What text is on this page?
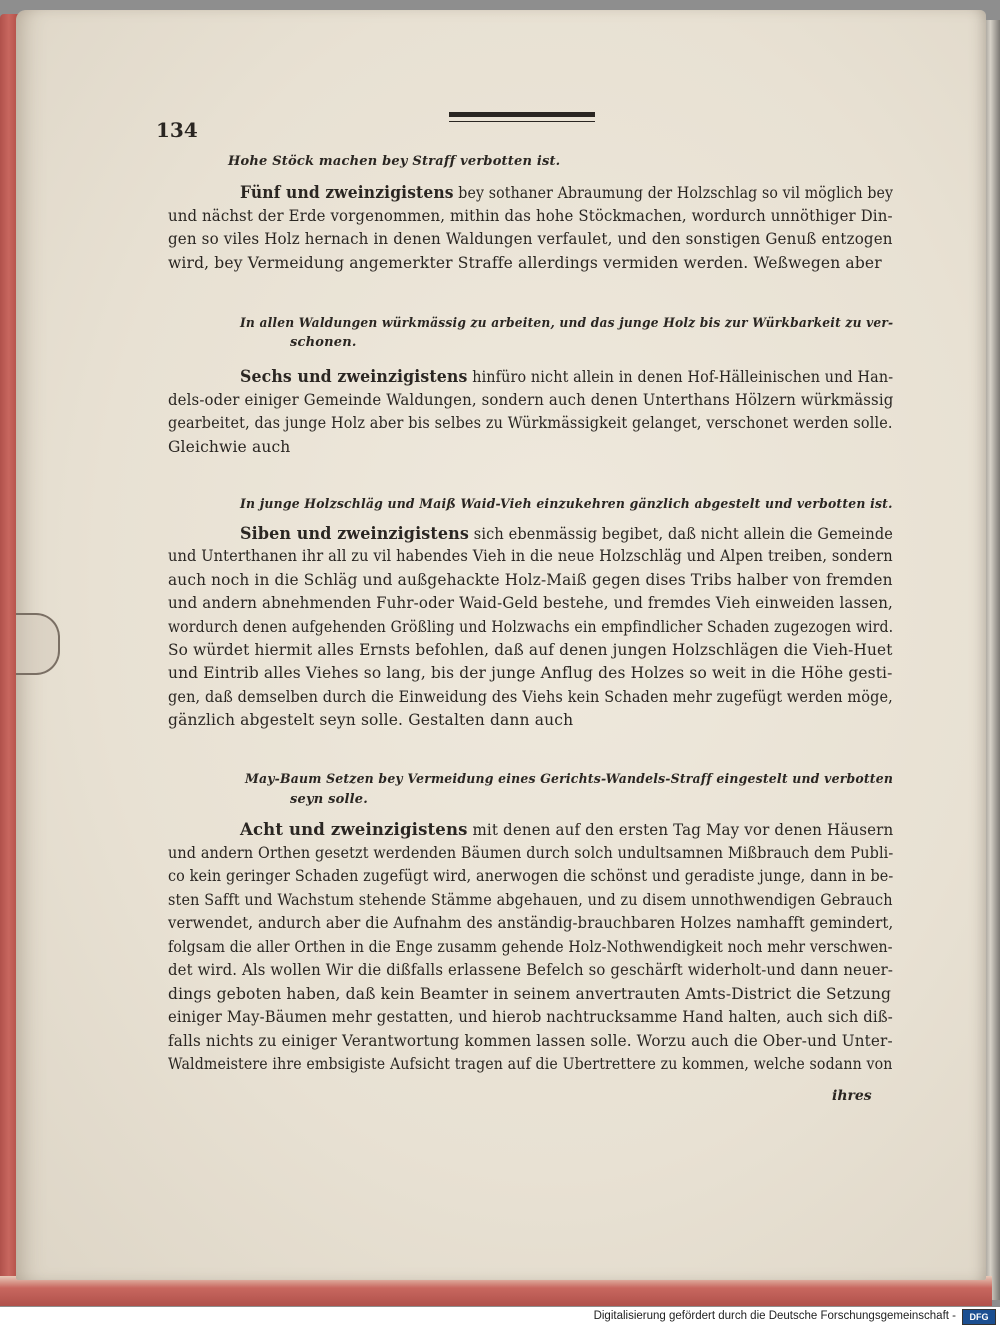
134
Hohe Stöck machen bey Straff verbotten ist.
Fünf und zweinzigistens bey sothaner Abraumung der Holzschlag so vil möglich bey
und nächst der Erde vorgenommen, mithin das hohe Stöckmachen, wordurch unnöthiger Din-
gen so viles Holz hernach in denen Waldungen verfaulet, und den sonstigen Genuß entzogen
wird, bey Vermeidung angemerkter Straffe allerdings vermiden werden. Weßwegen aber
In allen Waldungen würkmässig zu arbeiten, und das junge Holz bis zur Würkbarkeit zu ver-
schonen.
Sechs und zweinzigistens hinfüro nicht allein in denen Hof-Hälleinischen und Han-
dels-oder einiger Gemeinde Waldungen, sondern auch denen Unterthans Hölzern würkmässig
gearbeitet, das junge Holz aber bis selbes zu Würkmässigkeit gelanget, verschonet werden solle.
Gleichwie auch
In junge Holzschläg und Maiß Waid-Vieh einzukehren gänzlich abgestelt und verbotten ist.
Siben und zweinzigistens sich ebenmässig begibet, daß nicht allein die Gemeinde
und Unterthanen ihr all zu vil habendes Vieh in die neue Holzschläg und Alpen treiben, sondern
auch noch in die Schläg und außgehackte Holz-Maiß gegen dises Tribs halber von fremden
und andern abnehmenden Fuhr-oder Waid-Geld bestehe, und fremdes Vieh einweiden lassen,
wordurch denen aufgehenden Größling und Holzwachs ein empfindlicher Schaden zugezogen wird.
So würdet hiermit alles Ernsts befohlen, daß auf denen jungen Holzschlägen die Vieh-Huet
und Eintrib alles Viehes so lang, bis der junge Anflug des Holzes so weit in die Höhe gesti-
gen, daß demselben durch die Einweidung des Viehs kein Schaden mehr zugefügt werden möge,
gänzlich abgestelt seyn solle. Gestalten dann auch
May-Baum Setzen bey Vermeidung eines Gerichts-Wandels-Straff eingestelt und verbotten
seyn solle.
Acht und zweinzigistens mit denen auf den ersten Tag May vor denen Häusern
und andern Orthen gesetzt werdenden Bäumen durch solch undultsamnen Mißbrauch dem Publi-
co kein geringer Schaden zugefügt wird, anerwogen die schönst und geradiste junge, dann in be-
sten Safft und Wachstum stehende Stämme abgehauen, und zu disem unnothwendigen Gebrauch
verwendet, andurch aber die Aufnahm des anständig-brauchbaren Holzes namhafft gemindert,
folgsam die aller Orthen in die Enge zusamm gehende Holz-Nothwendigkeit noch mehr verschwen-
det wird. Als wollen Wir die dißfalls erlassene Befelch so geschärft widerholt-und dann neuer-
dings geboten haben, daß kein Beamter in seinem anvertrauten Amts-District die Setzung
einiger May-Bäumen mehr gestatten, und hierob nachtrucksamme Hand halten, auch sich diß-
falls nichts zu einiger Verantwortung kommen lassen solle. Worzu auch die Ober-und Unter-
Waldmeistere ihre embsigiste Aufsicht tragen auf die Ubertrettere zu kommen, welche sodann von
ihres
Digitalisierung gefördert durch die Deutsche Forschungsgemeinschaft -	DFG
